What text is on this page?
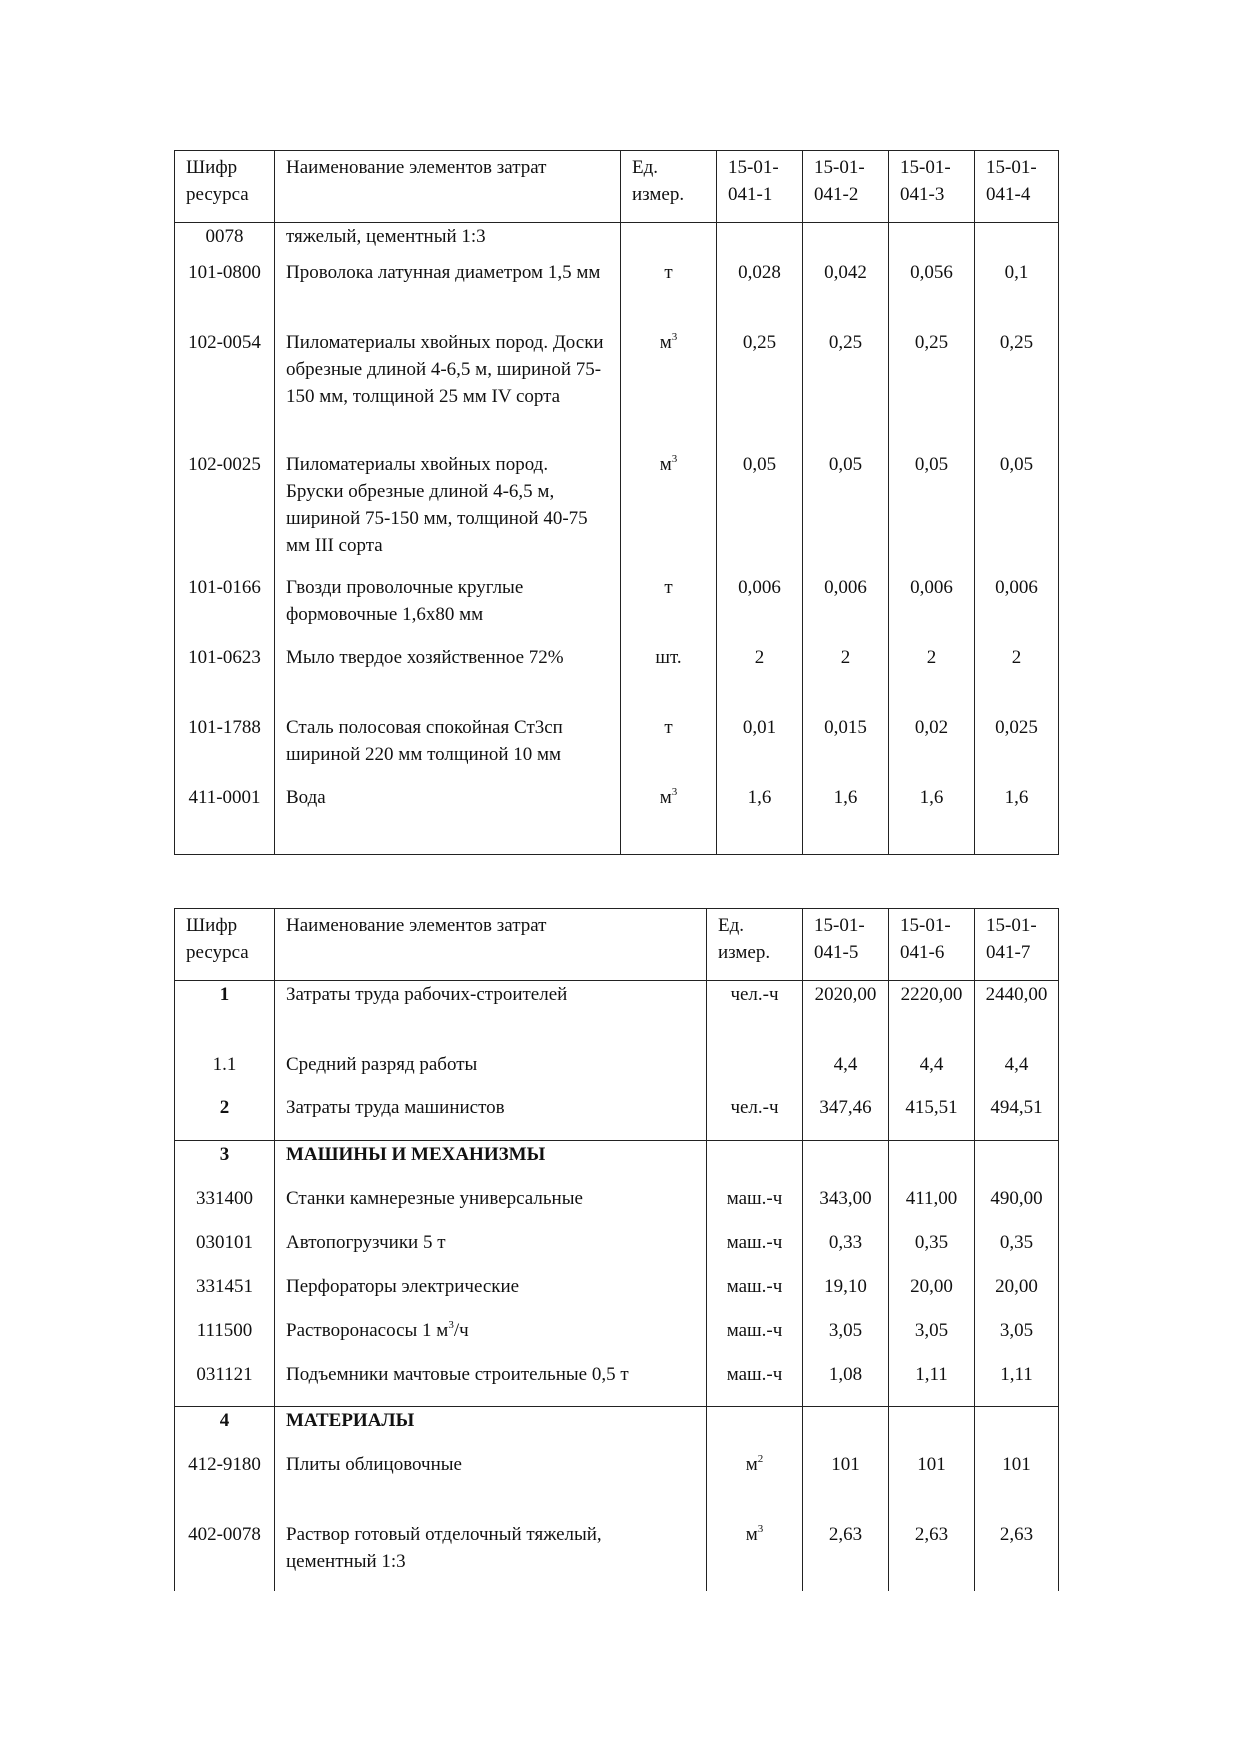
Шифр ресурса	Наименование элементов затрат	Ед. измер.	15-01-041-1	15-01-041-2	15-01-041-3	15-01-041-4
0078	тяжелый, цементный 1:3					
101-0800	Проволока латунная диаметром 1,5 мм	т	0,028	0,042	0,056	0,1
102-0054	Пиломатериалы хвойных пород. Доски обрезные длиной 4-6,5 м, шириной 75-150 мм, толщиной 25 мм IV сорта	$м^3$	0,25	0,25	0,25	0,25
102-0025	Пиломатериалы хвойных пород. Бруски обрезные длиной 4-6,5 м, шириной 75-150 мм, толщиной 40-75 мм III сорта	$м^3$	0,05	0,05	0,05	0,05
101-0166	Гвозди проволочные круглые формовочные 1,6x80 мм	т	0,006	0,006	0,006	0,006
101-0623	Мыло твердое хозяйственное 72%	шт.	2	2	2	2
101-1788	Сталь полосовая спокойная Ст3сп шириной 220 мм толщиной 10 мм	т	0,01	0,015	0,02	0,025
411-0001	Вода	$м^3$	1,6	1,6	1,6	1,6
Шифр ресурса	Наименование элементов затрат	Ед. измер.	15-01-041-5	15-01-041-6	15-01-041-7
1	Затраты труда рабочих-строителей	чел.-ч	2020,00	2220,00	2440,00
1.1	Средний разряд работы		4,4	4,4	4,4
2	Затраты труда машинистов	чел.-ч	347,46	415,51	494,51
3	МАШИНЫ И МЕХАНИЗМЫ				
331400	Станки камнерезные универсальные	маш.-ч	343,00	411,00	490,00
030101	Автопогрузчики 5 т	маш.-ч	0,33	0,35	0,35
331451	Перфораторы электрические	маш.-ч	19,10	20,00	20,00
111500	Растворонасосы 1 $м^3/ч$	маш.-ч	3,05	3,05	3,05
031121	Подъемники мачтовые строительные 0,5 т	маш.-ч	1,08	1,11	1,11
4	МАТЕРИАЛЫ				
412-9180	Плиты облицовочные	$м^2$	101	101	101
402-0078	Раствор готовый отделочный тяжелый, цементный 1:3	$м^3$	2,63	2,63	2,63
